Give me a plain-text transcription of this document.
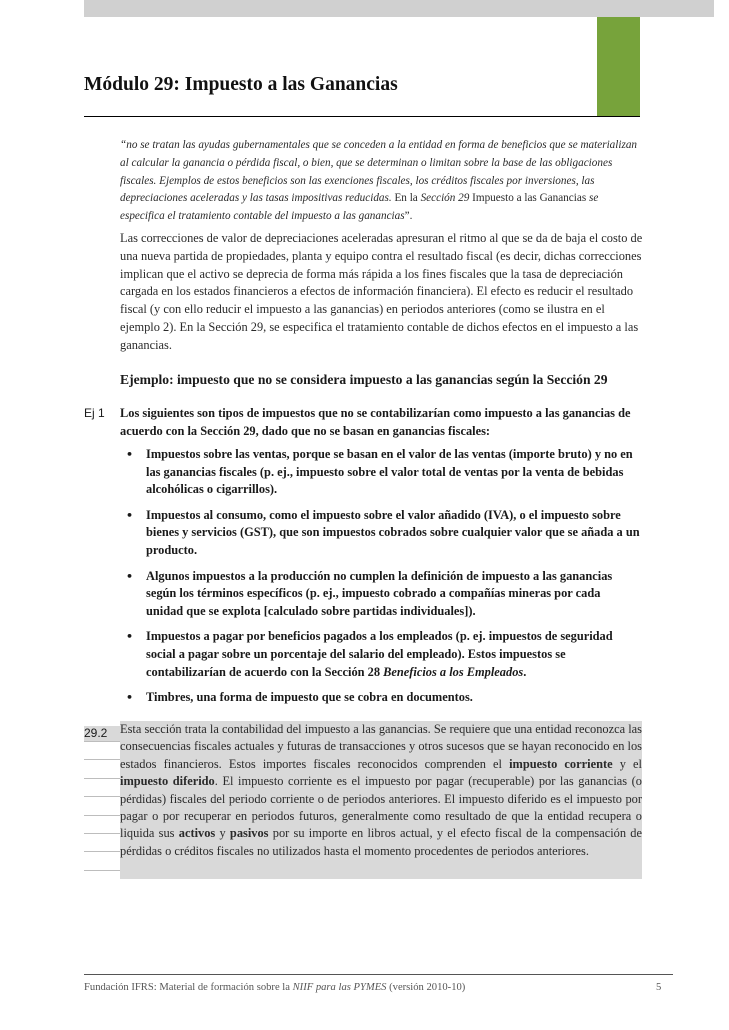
Módulo 29: Impuesto a las Ganancias

“no se tratan las ayudas gubernamentales que se conceden a la entidad en forma de beneficios que se materializan al calcular la ganancia o pérdida fiscal, o bien, que se determinan o limitan sobre la base de las obligaciones fiscales. Ejemplos de estos beneficios son las exenciones fiscales, los créditos fiscales por inversiones, las depreciaciones aceleradas y las tasas impositivas reducidas. En la Sección 29 Impuesto a las Ganancias se especifica el tratamiento contable del impuesto a las ganancias”.

Las correcciones de valor de depreciaciones aceleradas apresuran el ritmo al que se da de baja el costo de una nueva partida de propiedades, planta y equipo contra el resultado fiscal (es decir, dichas correcciones implican que el activo se deprecia de forma más rápida a los fines fiscales que la tasa de depreciación cargada en los estados financieros a efectos de información financiera). El efecto es reducir el resultado fiscal (y con ello reducir el impuesto a las ganancias) en periodos anteriores (como se ilustra en el ejemplo 2). En la Sección 29, se especifica el tratamiento contable de dichos efectos en el impuesto a las ganancias.

Ejemplo: impuesto que no se considera impuesto a las ganancias según la Sección 29
Ej 1	Los siguientes son tipos de impuestos que no se contabilizarían como impuesto a las ganancias de acuerdo con la Sección 29, dado que no se basan en ganancias fiscales:

• Impuestos sobre las ventas, porque se basan en el valor de las ventas (importe bruto) y no en las ganancias fiscales (p. ej., impuesto sobre el valor total de ventas por la venta de bebidas alcohólicas o cigarrillos).
• Impuestos al consumo, como el impuesto sobre el valor añadido (IVA), o el impuesto sobre bienes y servicios (GST), que son impuestos cobrados sobre cualquier valor que se añada a un producto.
• Algunos impuestos a la producción no cumplen la definición de impuesto a las ganancias según los términos específicos (p. ej., impuesto cobrado a compañías mineras por cada unidad que se explota [calculado sobre partidas individuales]).
• Impuestos a pagar por beneficios pagados a los empleados (p. ej. impuestos de seguridad social a pagar sobre un porcentaje del salario del empleado). Estos impuestos se contabilizarían de acuerdo con la Sección 28 Beneficios a los Empleados.
• Timbres, una forma de impuesto que se cobra en documentos.
29.2	Esta sección trata la contabilidad del impuesto a las ganancias. Se requiere que una entidad reconozca las consecuencias fiscales actuales y futuras de transacciones y otros sucesos que se hayan reconocido en los estados financieros. Estos importes fiscales reconocidos comprenden el impuesto corriente y el impuesto diferido. El impuesto corriente es el impuesto por pagar (recuperable) por las ganancias (o pérdidas) fiscales del periodo corriente o de periodos anteriores. El impuesto diferido es el impuesto por pagar o por recuperar en periodos futuros, generalmente como resultado de que la entidad recupera o liquida sus activos y pasivos por su importe en libros actual, y el efecto fiscal de la compensación de pérdidas o créditos fiscales no utilizados hasta el momento procedentes de periodos anteriores.

Fundación IFRS: Material de formación sobre la NIIF para las PYMES (versión 2010-10)	5
